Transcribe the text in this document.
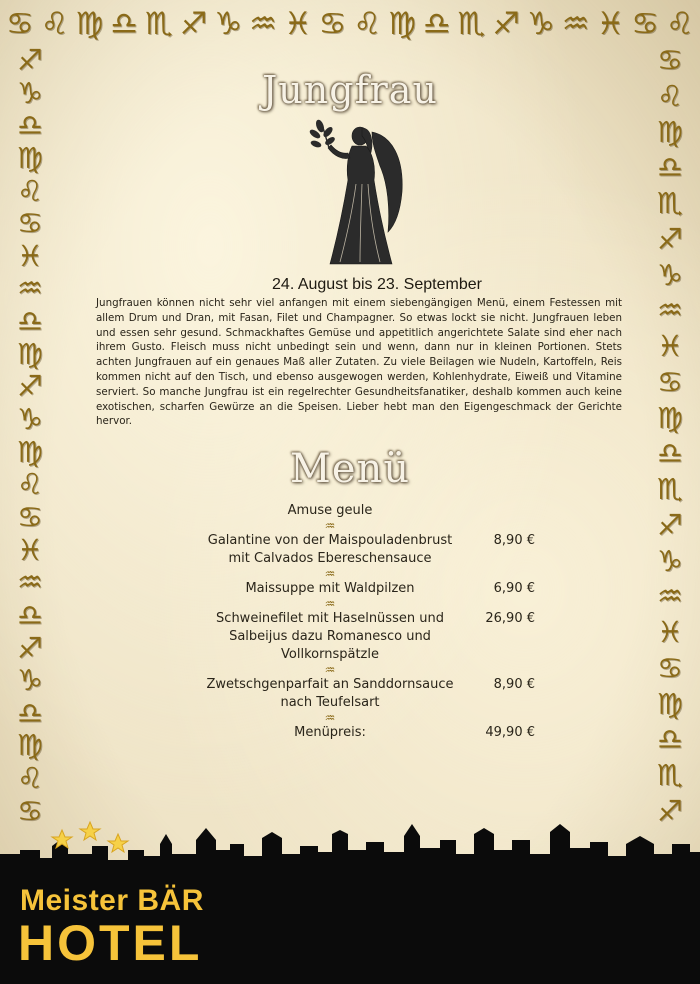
♋ ♌ ♍ ♎ ♏ ♐ ♑ ♒ ♓ ♋ ♌ ♍ ♎ ♏ ♐ ♑ ♒ ♓ ♋ ♌
♐
♑
♎
♍
♌
♋
♓
♒
♎
♍
♐
♑
♍
♌
♋
♓
♒
♎
♐
♑
♎
♍
♌
♋
♋
♌
♍
♎
♏
♐
♑
♒
♓
♋
♍
♎
♏
♐
♑
♒
♓
♋
♍
♎
♏
♐
Jungfrau
24. August bis 23. September

Jungfrauen können nicht sehr viel anfangen mit einem siebengängigen Menü, einem Festessen mit allem Drum und Dran, mit Fasan, Filet und Champagner. So etwas lockt sie nicht. Jungfrauen leben und essen sehr gesund. Schmackhaftes Gemüse und appetitlich angerichtete Salate sind eher nach ihrem Gusto. Fleisch muss nicht unbedingt sein und wenn, dann nur in kleinen Portionen. Stets achten Jungfrauen auf ein genaues Maß aller Zutaten. Zu viele Beilagen wie Nudeln, Kartoffeln, Reis kommen nicht auf den Tisch, und ebenso ausgewogen werden, Kohlenhydrate, Eiweiß und Vitamine serviert. So manche Jungfrau ist ein regelrechter Gesundheitsfanatiker, deshalb kommen auch keine exotischen, scharfen Gewürze an die Speisen. Lieber hebt man den Eigengeschmack der Gerichte hervor.

Menü
Amuse geule
♒
Galantine von der Maispouladenbrust mit Calvados Ebereschensauce
8,90 €
♒
Maissuppe mit Waldpilzen	6,90 €
♒
Schweinefilet mit Haselnüssen und Salbeijus dazu Romanesco und Vollkornspätzle
26,90 €
♒
Zwetschgenparfait an Sanddornsauce nach Teufelsart
8,90 €
♒
Menüpreis:	49,90 €
Meister BÄR
HOTEL
